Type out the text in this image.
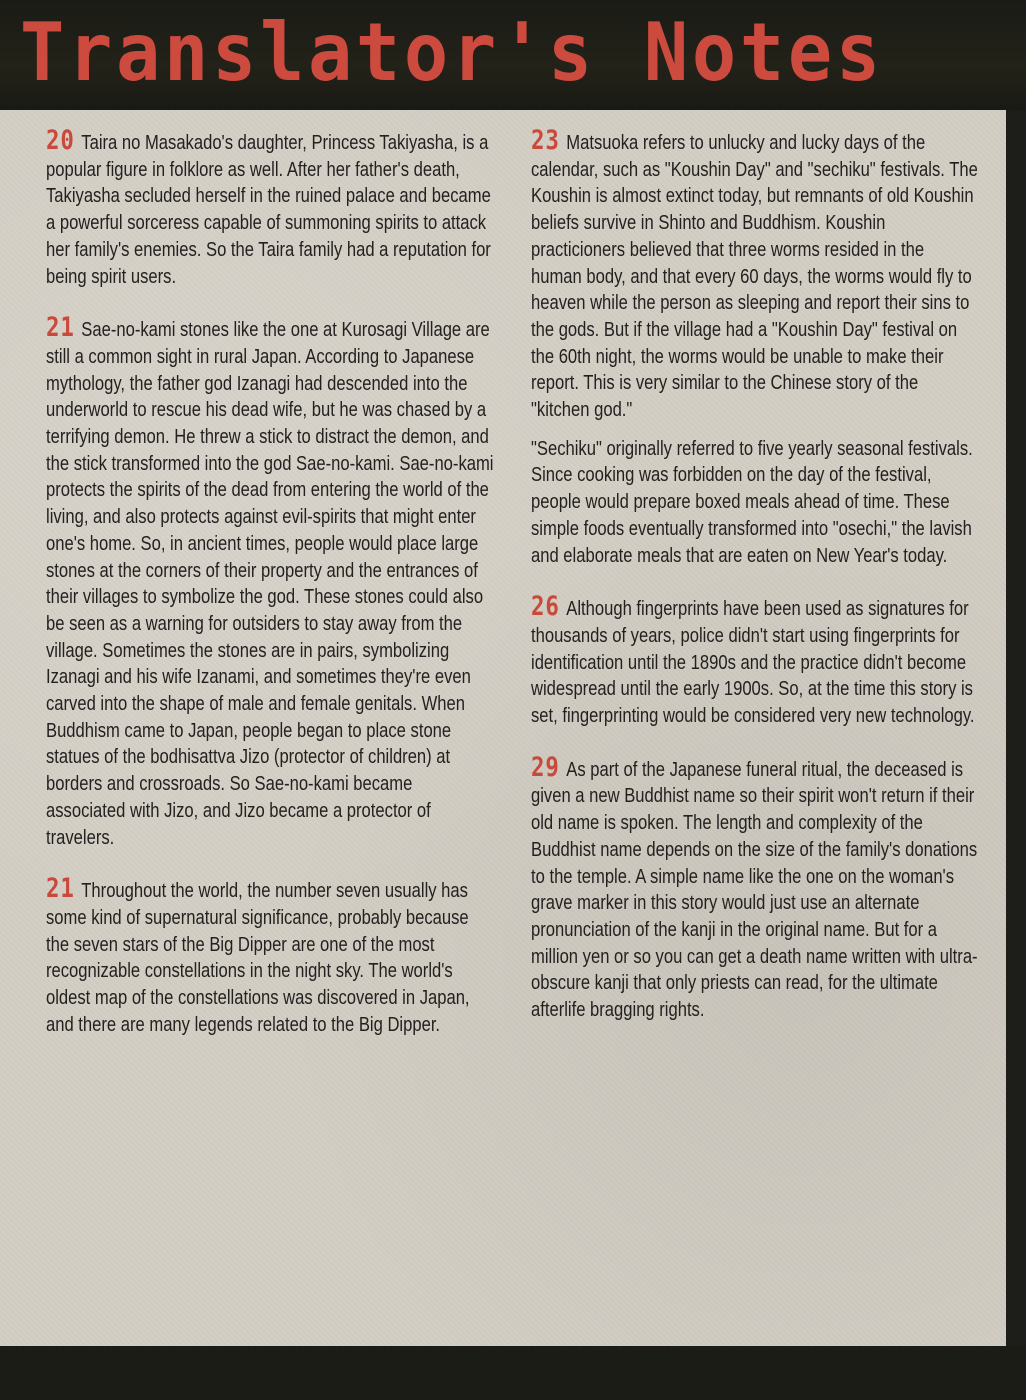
Translator's Notes

20 Taira no Masakado's daughter, Princess Takiyasha, is a popular figure in folklore as well. After her father's death, Takiyasha secluded herself in the ruined palace and became a powerful sorceress capable of summoning spirits to attack her family's enemies. So the Taira family had a reputation for being spirit users.

21 Sae-no-kami stones like the one at Kurosagi Village are still a common sight in rural Japan. According to Japanese mythology, the father god Izanagi had descended into the underworld to rescue his dead wife, but he was chased by a terrifying demon. He threw a stick to distract the demon, and the stick transformed into the god Sae-no-kami. Sae-no-kami protects the spirits of the dead from entering the world of the living, and also protects against evil-spirits that might enter one's home. So, in ancient times, people would place large stones at the corners of their property and the entrances of their villages to symbolize the god. These stones could also be seen as a warning for outsiders to stay away from the village. Sometimes the stones are in pairs, symbolizing Izanagi and his wife Izanami, and sometimes they're even carved into the shape of male and female genitals. When Buddhism came to Japan, people began to place stone statues of the bodhisattva Jizo (protector of children) at borders and crossroads. So Sae-no-kami became associated with Jizo, and Jizo became a protector of travelers.

21 Throughout the world, the number seven usually has some kind of supernatural significance, probably because the seven stars of the Big Dipper are one of the most recognizable constellations in the night sky. The world's oldest map of the constellations was discovered in Japan, and there are many legends related to the Big Dipper.

23 Matsuoka refers to unlucky and lucky days of the calendar, such as "Koushin Day" and "sechiku" festivals. The Koushin is almost extinct today, but remnants of old Koushin beliefs survive in Shinto and Buddhism. Koushin practicioners believed that three worms resided in the human body, and that every 60 days, the worms would fly to heaven while the person as sleeping and report their sins to the gods. But if the village had a "Koushin Day" festival on the 60th night, the worms would be unable to make their report. This is very similar to the Chinese story of the "kitchen god."

"Sechiku" originally referred to five yearly seasonal festivals. Since cooking was forbidden on the day of the festival, people would prepare boxed meals ahead of time. These simple foods eventually transformed into "osechi," the lavish and elaborate meals that are eaten on New Year's today.

26 Although fingerprints have been used as signatures for thousands of years, police didn't start using fingerprints for identification until the 1890s and the practice didn't become widespread until the early 1900s. So, at the time this story is set, fingerprinting would be considered very new technology.

29 As part of the Japanese funeral ritual, the deceased is given a new Buddhist name so their spirit won't return if their old name is spoken. The length and complexity of the Buddhist name depends on the size of the family's donations to the temple. A simple name like the one on the woman's grave marker in this story would just use an alternate pronunciation of the kanji in the original name. But for a million yen or so you can get a death name written with ultra-obscure kanji that only priests can read, for the ultimate afterlife bragging rights.
